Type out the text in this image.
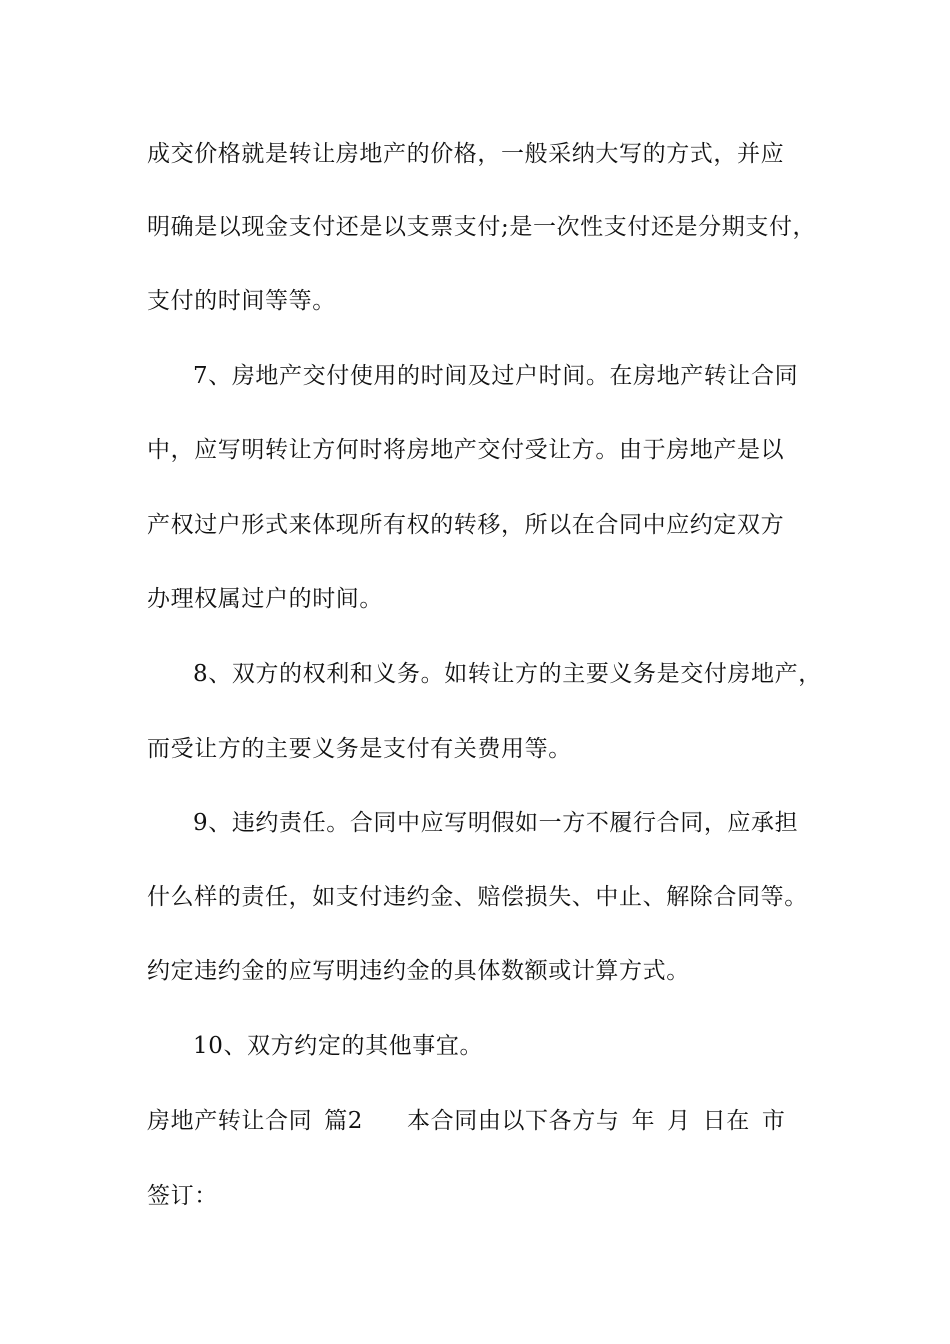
成交价格就是转让房地产的价格，一般采纳大写的方式，并应
明确是以现金支付还是以支票支付;是一次性支付还是分期支付，
支付的时间等等。
7、房地产交付使用的时间及过户时间。在房地产转让合同
中，应写明转让方何时将房地产交付受让方。由于房地产是以
产权过户形式来体现所有权的转移，所以在合同中应约定双方
办理权属过户的时间。
8、双方的权利和义务。如转让方的主要义务是交付房地产，
而受让方的主要义务是支付有关费用等。
9、违约责任。合同中应写明假如一方不履行合同，应承担
什么样的责任，如支付违约金、赔偿损失、中止、解除合同等。
约定违约金的应写明违约金的具体数额或计算方式。
10、双方约定的其他事宜。
房地产转让合同 篇2 本合同由以下各方与 年 月 日在 市
签订：
